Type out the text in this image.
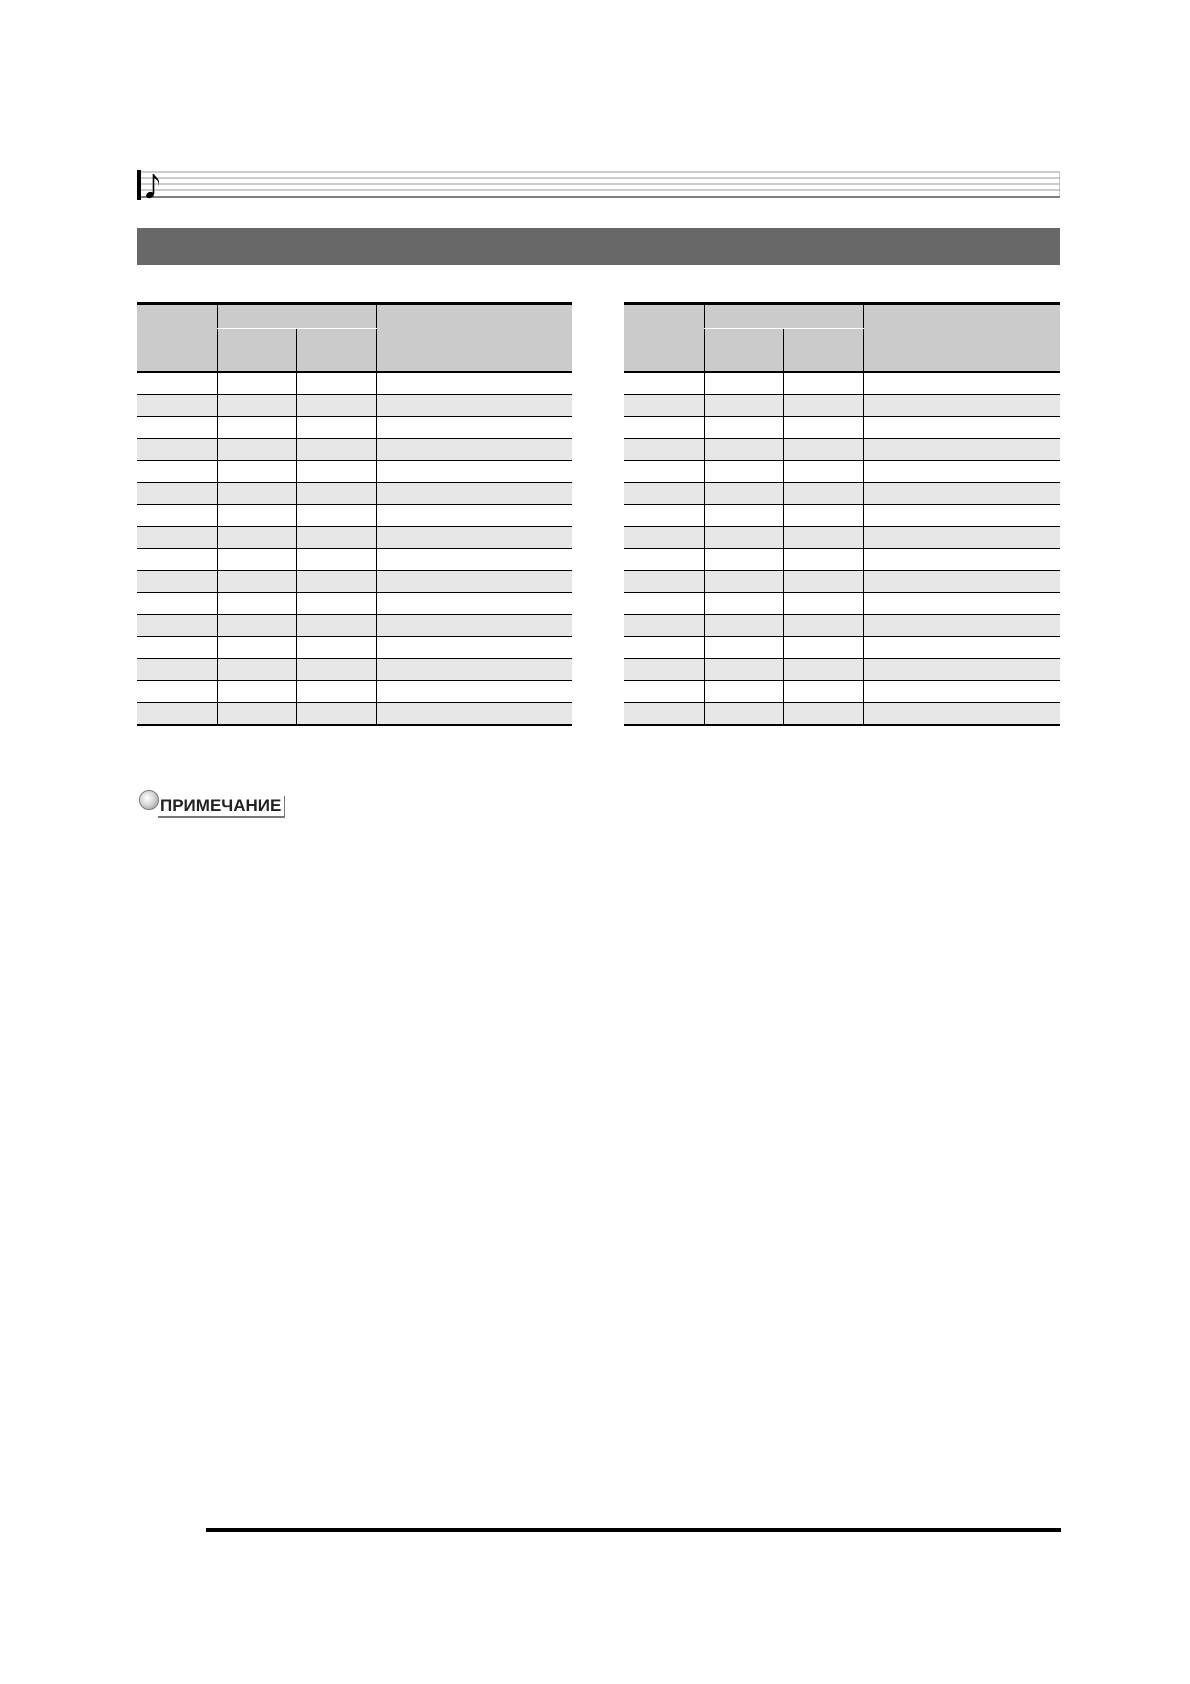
ПРИМЕЧАНИЕ
